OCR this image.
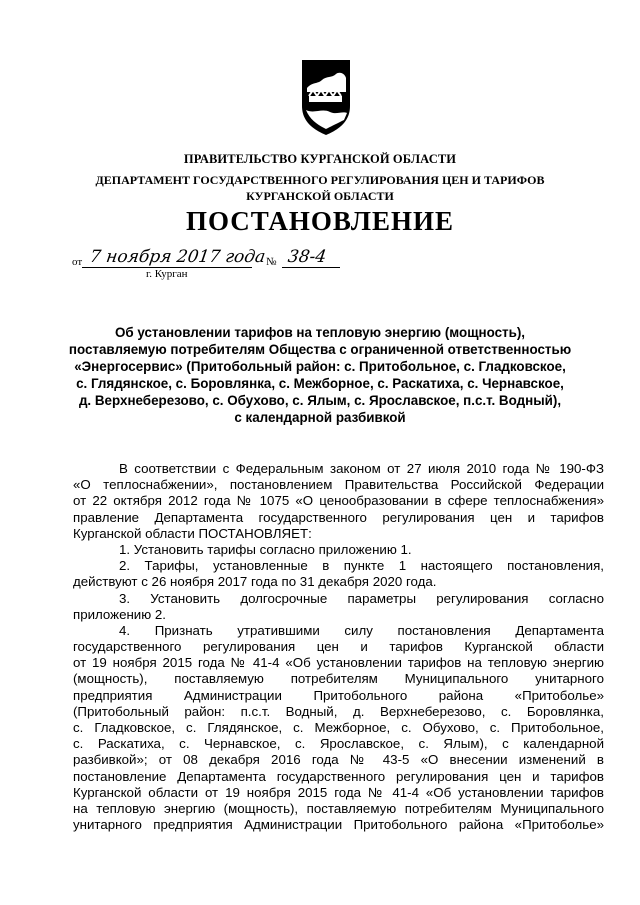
ПРАВИТЕЛЬСТВО КУРГАНСКОЙ ОБЛАСТИ
ДЕПАРТАМЕНТ ГОСУДАРСТВЕННОГО РЕГУЛИРОВАНИЯ ЦЕН И ТАРИФОВ
КУРГАНСКОЙ ОБЛАСТИ
ПОСТАНОВЛЕНИЕ
от 7 ноября 2017 года № 38-4
г. Курган
Об установлении тарифов на тепловую энергию (мощность),
поставляемую потребителям Общества с ограниченной ответственностью
«Энергосервис» (Притобольный район: с. Притобольное, с. Гладковское,
с. Глядянское, с. Боровлянка, с. Межборное, с. Раскатиха, с. Чернавское,
д. Верхнеберезово, с. Обухово, с. Ялым, с. Ярославское, п.с.т. Водный),
с календарной разбивкой
В соответствии с Федеральным законом от 27 июля 2010 года № 190-ФЗ
«О теплоснабжении», постановлением Правительства Российской Федерации
от 22 октября 2012 года № 1075 «О ценообразовании в сфере теплоснабжения»
правление Департамента государственного регулирования цен и тарифов
Курганской области ПОСТАНОВЛЯЕТ:
1. Установить тарифы согласно приложению 1.
2. Тарифы, установленные в пункте 1 настоящего постановления,
действуют с 26 ноября 2017 года по 31 декабря 2020 года.
3. Установить долгосрочные параметры регулирования согласно
приложению 2.
4. Признать утратившими силу постановления Департамента
государственного регулирования цен и тарифов Курганской области
от 19 ноября 2015 года № 41-4 «Об установлении тарифов на тепловую энергию
(мощность), поставляемую потребителям Муниципального унитарного
предприятия Администрации Притобольного района «Притоболье»
(Притобольный район: п.с.т. Водный, д. Верхнеберезово, с. Боровлянка,
с. Гладковское, с. Глядянское, с. Межборное, с. Обухово, с. Притобольное,
с. Раскатиха, с. Чернавское, с. Ярославское, с. Ялым), с календарной
разбивкой»; от 08 декабря 2016 года № 43-5 «О внесении изменений в
постановление Департамента государственного регулирования цен и тарифов
Курганской области от 19 ноября 2015 года № 41-4 «Об установлении тарифов
на тепловую энергию (мощность), поставляемую потребителям Муниципального
унитарного предприятия Администрации Притобольного района «Притоболье»
